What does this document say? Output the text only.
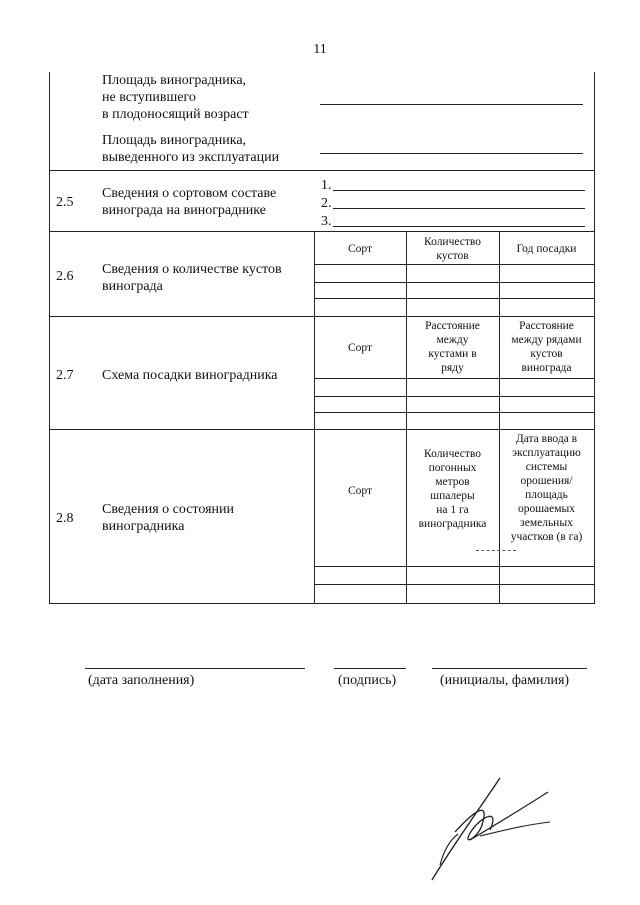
11
Площадь виноградника,
не вступившего
в плодоносящий возраст
Площадь виноградника,
выведенного из эксплуатации
2.5
Сведения о сортовом составе
винограда на винограднике
1.
2.
3.
2.6 Сведения о количестве кустов
винограда
Сорт
Количество
кустов
Год посадки
2.7 Схема посадки виноградника
Сорт
Расстояние
между
кустами в
ряду
Расстояние
между рядами
кустов
винограда
2.8
Сведения о состоянии
виноградника
Сорт
Количество
погонных
метров
шпалеры
на 1 га
виноградника
Дата ввода в
эксплуатацию
системы
орошения/
площадь
орошаемых
земельных
участков (в га)
(дата заполнения)	(подпись)	(инициалы, фамилия)
